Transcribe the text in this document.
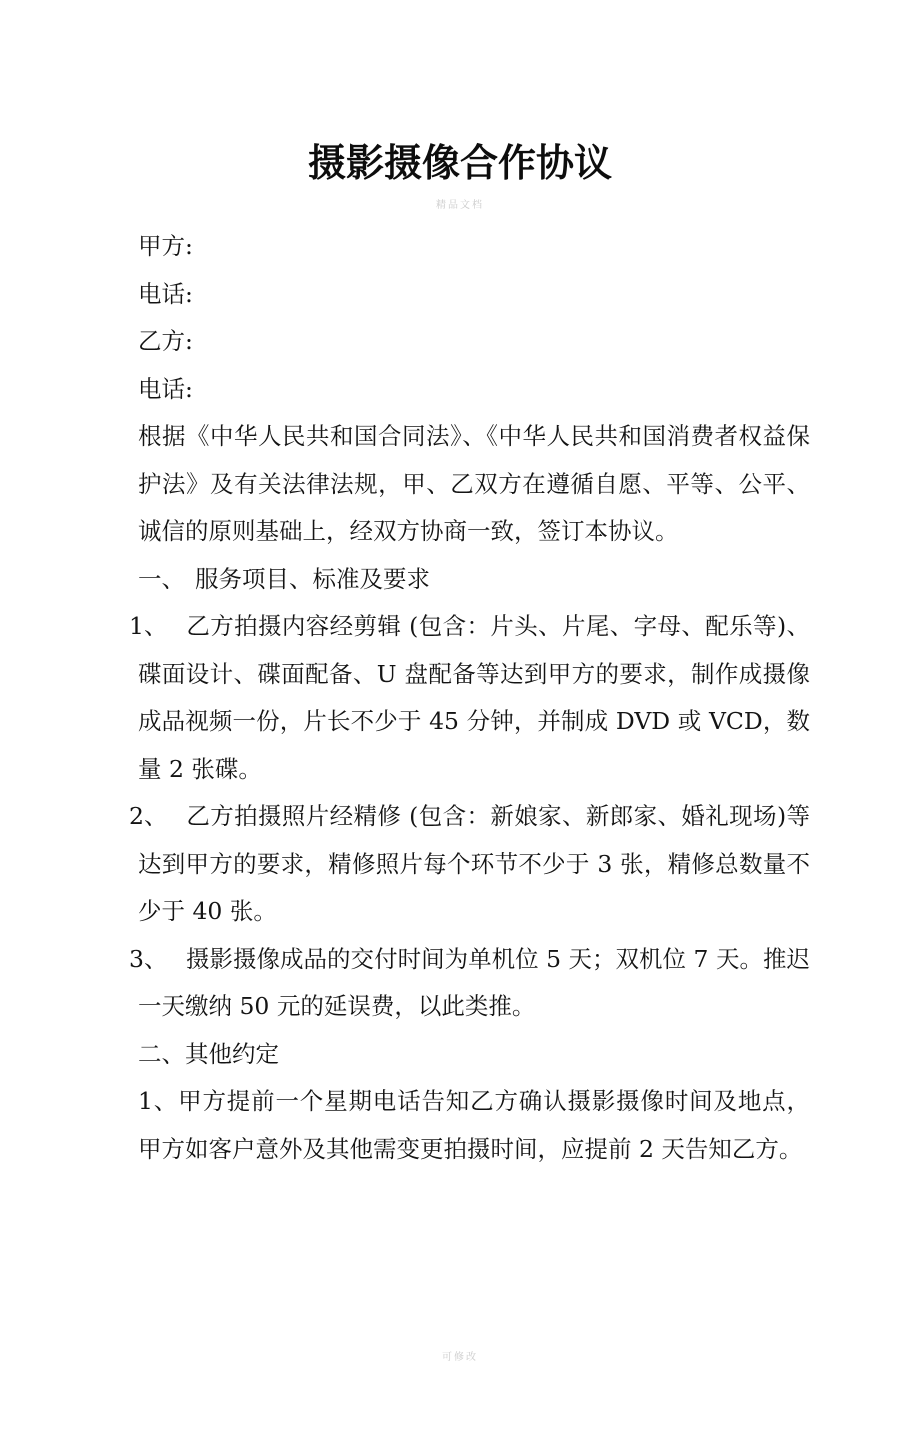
精品文档
摄影摄像合作协议

甲方:

电话:

乙方:

电话:

根据《中华人民共和国合同法》、《中华人民共和国消费者权益保护法》及有关法律法规，甲、乙双方在遵循自愿、平等、公平、诚信的原则基础上，经双方协商一致，签订本协议。

一、 服务项目、标准及要求

1、 乙方拍摄内容经剪辑 (包含：片头、片尾、字母、配乐等)、碟面设计、碟面配备、U 盘配备等达到甲方的要求，制作成摄像成品视频一份，片长不少于 45 分钟，并制成 DVD 或 VCD，数量 2 张碟。

2、 乙方拍摄照片经精修 (包含：新娘家、新郎家、婚礼现场)等达到甲方的要求，精修照片每个环节不少于 3 张，精修总数量不少于 40 张。

3、 摄影摄像成品的交付时间为单机位 5 天；双机位 7 天。推迟一天缴纳 50 元的延误费，以此类推。

二、其他约定

1、甲方提前一个星期电话告知乙方确认摄影摄像时间及地点，甲方如客户意外及其他需变更拍摄时间，应提前 2 天告知乙方。

可修改
